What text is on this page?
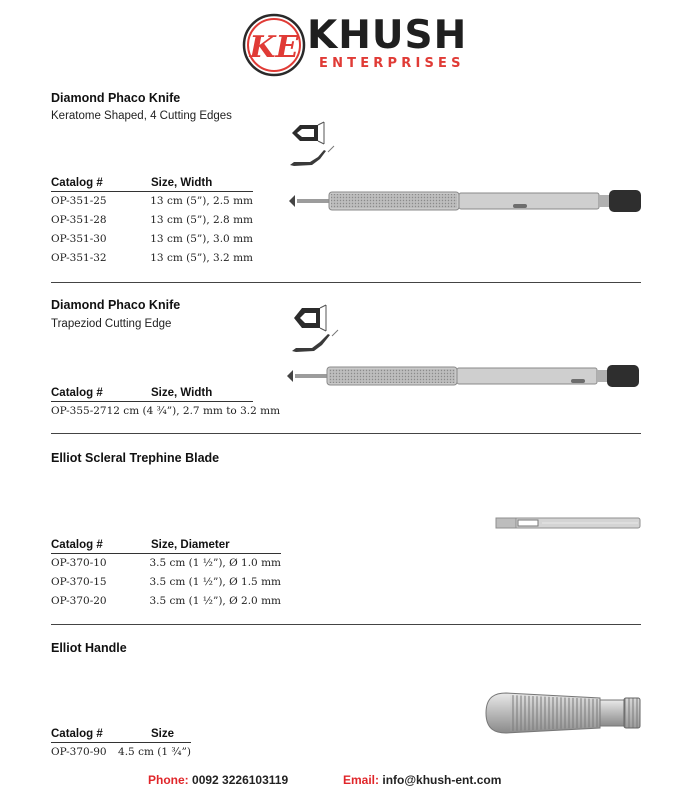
KE KHUSH
ENTERPRISES
Diamond Phaco Knife
Keratome Shaped, 4 Cutting Edges
Catalog #	Size, Width
OP-351-25	13 cm (5”), 2.5 mm
OP-351-28	13 cm (5”), 2.8 mm
OP-351-30	13 cm (5”), 3.0 mm
OP-351-32	13 cm (5”), 3.2 mm
Diamond Phaco Knife
Trapeziod Cutting Edge
Catalog #	Size, Width
OP-355-27 12 cm (4 ¾”), 2.7 mm to 3.2 mm
Elliot Scleral Trephine Blade
Catalog #	Size, Diameter
OP-370-10	3.5 cm (1 ½”), Ø 1.0 mm
OP-370-15	3.5 cm (1 ½”), Ø 1.5 mm
OP-370-20	3.5 cm (1 ½”), Ø 2.0 mm
Elliot Handle
Catalog #	Size
OP-370-90	4.5 cm (1 ¾”)
Phone: 0092 3226103119	Email: info@khush-ent.com
